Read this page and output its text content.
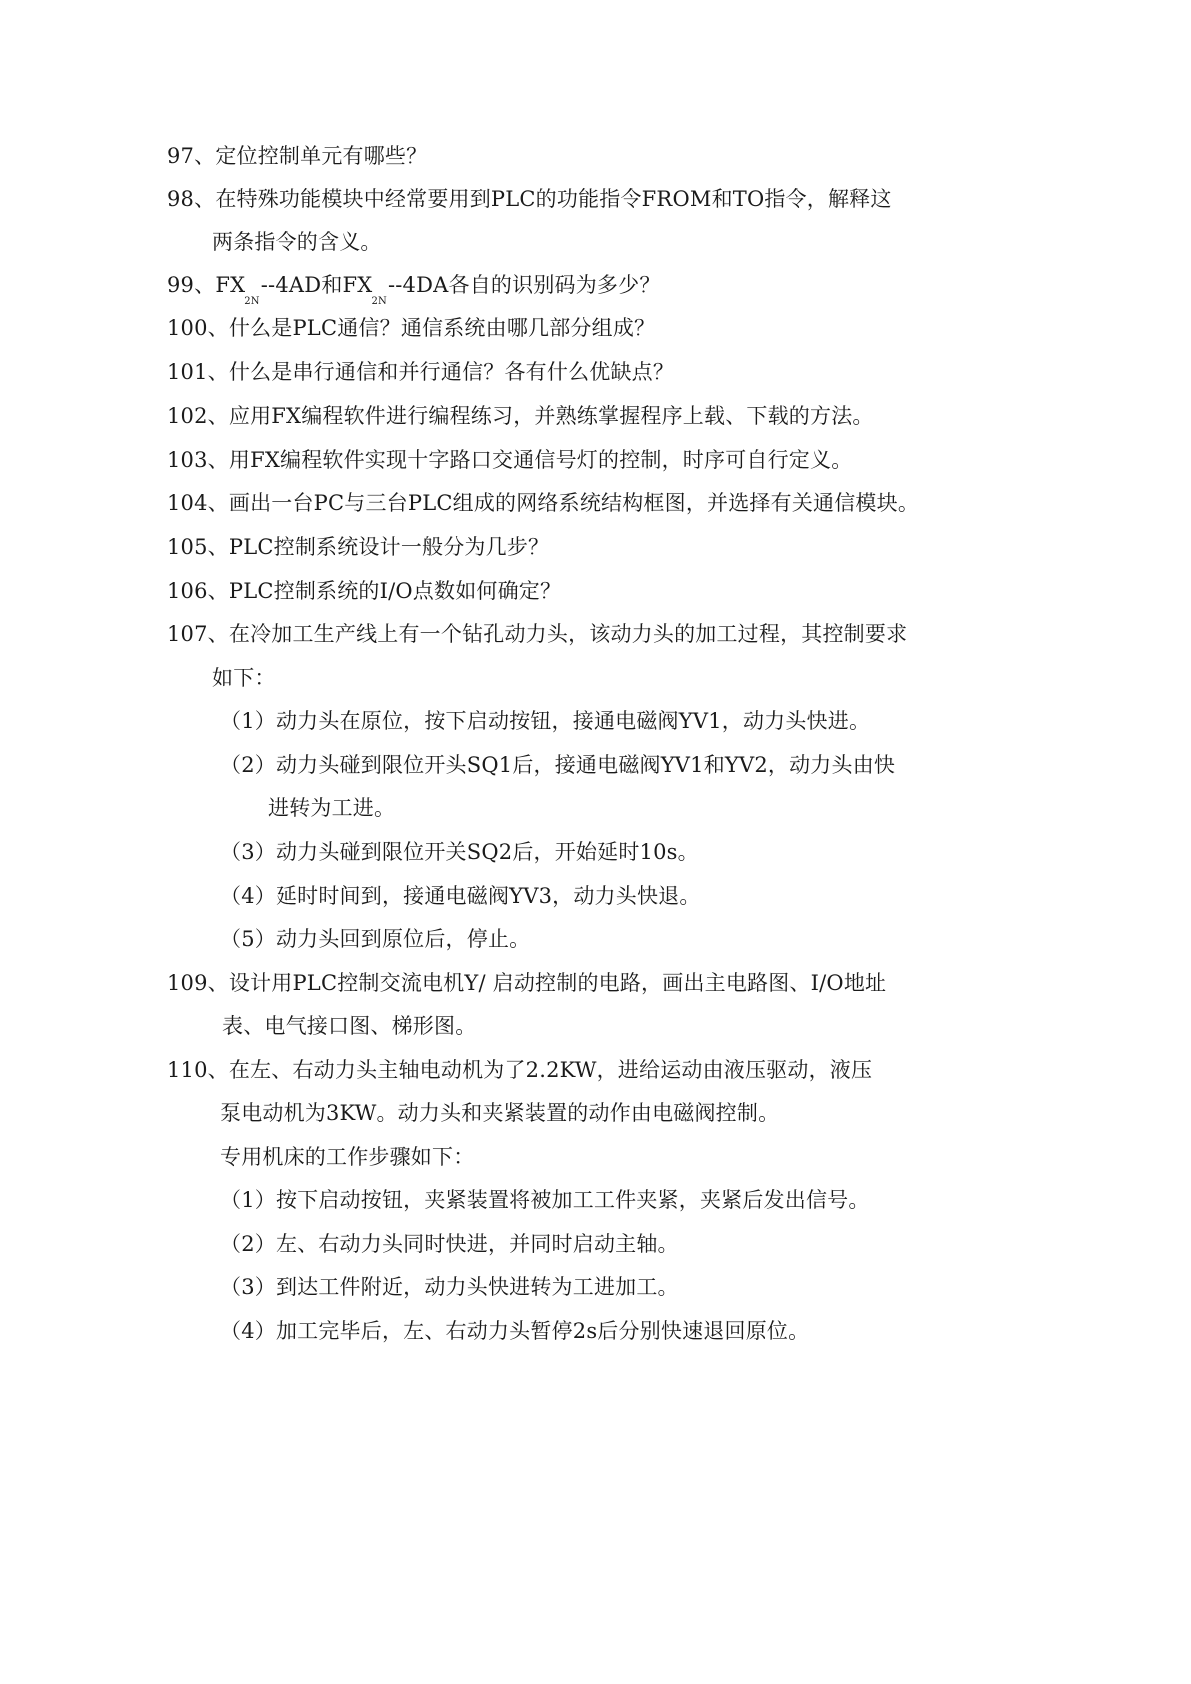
97、定位控制单元有哪些？
98、在特殊功能模块中经常要用到PLC的功能指令FROM和TO指令，解释这
两条指令的含义。
99、FX2N--4AD和FX2N--4DA各自的识别码为多少？
100、什么是PLC通信？通信系统由哪几部分组成？
101、什么是串行通信和并行通信？各有什么优缺点？
102、应用FX编程软件进行编程练习，并熟练掌握程序上载、下载的方法。
103、用FX编程软件实现十字路口交通信号灯的控制，时序可自行定义。
104、画出一台PC与三台PLC组成的网络系统结构框图，并选择有关通信模块。
105、PLC控制系统设计一般分为几步？
106、PLC控制系统的I/O点数如何确定？
107、在冷加工生产线上有一个钻孔动力头，该动力头的加工过程，其控制要求
如下：
（1）动力头在原位，按下启动按钮，接通电磁阀YV1，动力头快进。
（2）动力头碰到限位开头SQ1后，接通电磁阀YV1和YV2，动力头由快
进转为工进。
（3）动力头碰到限位开关SQ2后，开始延时10s。
（4）延时时间到，接通电磁阀YV3，动力头快退。
（5）动力头回到原位后，停止。
109、设计用PLC控制交流电机Y/ 启动控制的电路，画出主电路图、I/O地址
表、电气接口图、梯形图。
110、在左、右动力头主轴电动机为了2.2KW，进给运动由液压驱动，液压
泵电动机为3KW。动力头和夹紧装置的动作由电磁阀控制。
专用机床的工作步骤如下：
（1）按下启动按钮，夹紧装置将被加工工件夹紧，夹紧后发出信号。
（2）左、右动力头同时快进，并同时启动主轴。
（3）到达工件附近，动力头快进转为工进加工。
（4）加工完毕后，左、右动力头暂停2s后分别快速退回原位。
